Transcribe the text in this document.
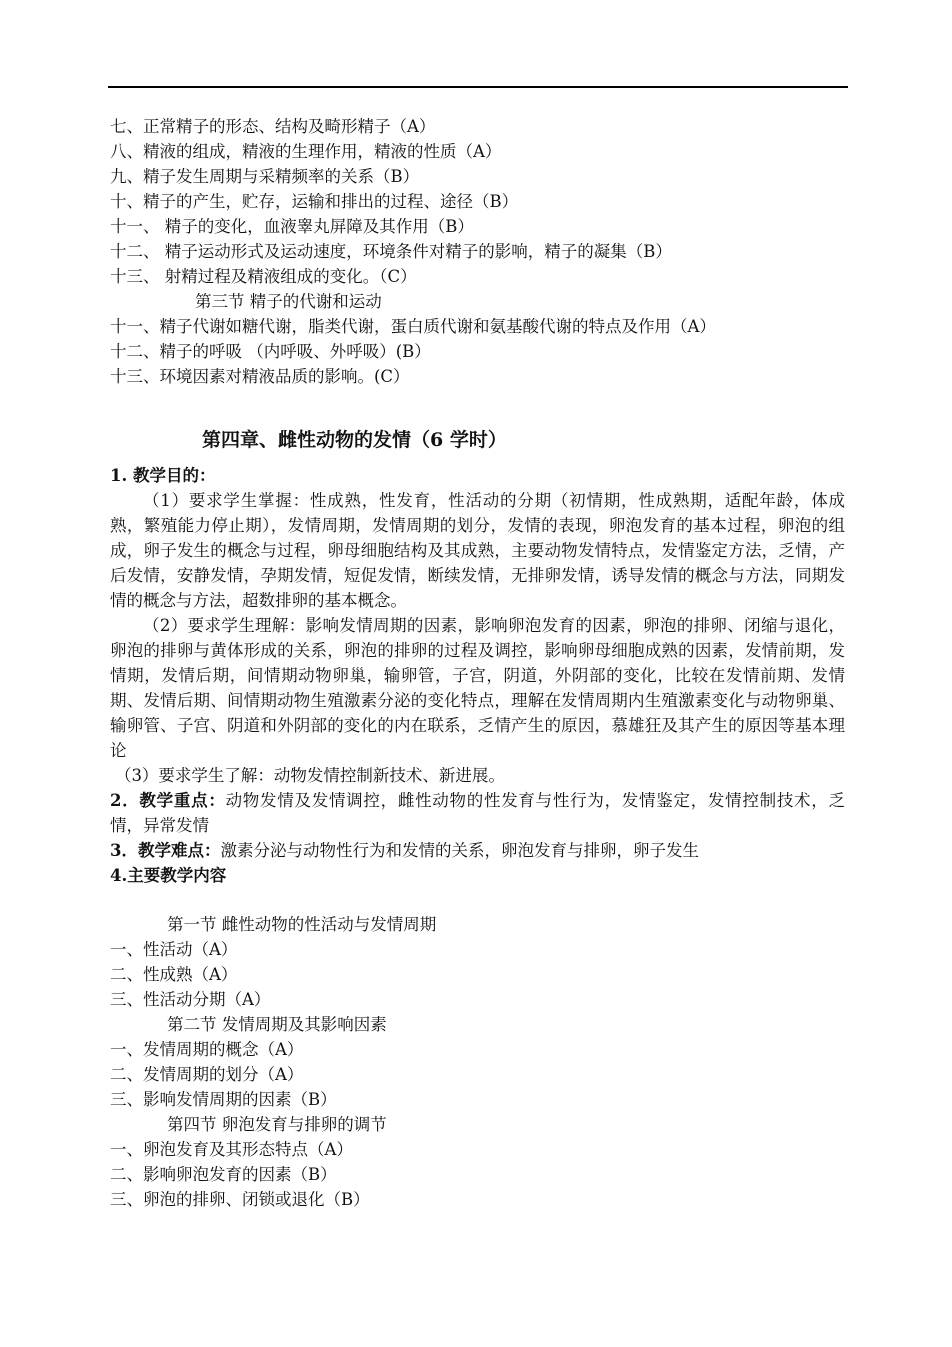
七、正常精子的形态、结构及畸形精子（A）
八、精液的组成，精液的生理作用，精液的性质（A）
九、精子发生周期与采精频率的关系（B）
十、精子的产生，贮存，运输和排出的过程、途径（B）
十一、 精子的变化，血液睾丸屏障及其作用（B）
十二、 精子运动形式及运动速度，环境条件对精子的影响，精子的凝集（B）
十三、 射精过程及精液组成的变化。（C）
第三节 精子的代谢和运动
十一、精子代谢如糖代谢，脂类代谢，蛋白质代谢和氨基酸代谢的特点及作用（A）
十二、精子的呼吸 （内呼吸、外呼吸）(B）
十三、环境因素对精液品质的影响。(C）
第四章、雌性动物的发情（6 学时）
1. 教学目的：

（1）要求学生掌握：性成熟，性发育，性活动的分期（初情期，性成熟期，适配年龄，体成熟，繁殖能力停止期），发情周期，发情周期的划分，发情的表现，卵泡发育的基本过程，卵泡的组成，卵子发生的概念与过程，卵母细胞结构及其成熟，主要动物发情特点，发情鉴定方法，乏情，产后发情，安静发情，孕期发情，短促发情，断续发情，无排卵发情，诱导发情的概念与方法，同期发情的概念与方法，超数排卵的基本概念。

（2）要求学生理解：影响发情周期的因素，影响卵泡发育的因素，卵泡的排卵、闭缩与退化，卵泡的排卵与黄体形成的关系，卵泡的排卵的过程及调控，影响卵母细胞成熟的因素，发情前期，发情期，发情后期，间情期动物卵巢，输卵管，子宫，阴道，外阴部的变化，比较在发情前期、发情期、发情后期、间情期动物生殖激素分泌的变化特点，理解在发情周期内生殖激素变化与动物卵巢、输卵管、子宫、阴道和外阴部的变化的内在联系，乏情产生的原因，慕雄狂及其产生的原因等基本理论

（3）要求学生了解：动物发情控制新技术、新进展。

2．教学重点：动物发情及发情调控，雌性动物的性发育与性行为，发情鉴定，发情控制技术，乏情，异常发情

3．教学难点：激素分泌与动物性行为和发情的关系，卵泡发育与排卵，卵子发生

4.主要教学内容
第一节 雌性动物的性活动与发情周期
一、性活动（A）
二、性成熟（A）
三、性活动分期（A）
第二节 发情周期及其影响因素
一、发情周期的概念（A）
二、发情周期的划分（A）
三、影响发情周期的因素（B）
第四节 卵泡发育与排卵的调节
一、卵泡发育及其形态特点（A）
二、影响卵泡发育的因素（B）
三、卵泡的排卵、闭锁或退化（B）
